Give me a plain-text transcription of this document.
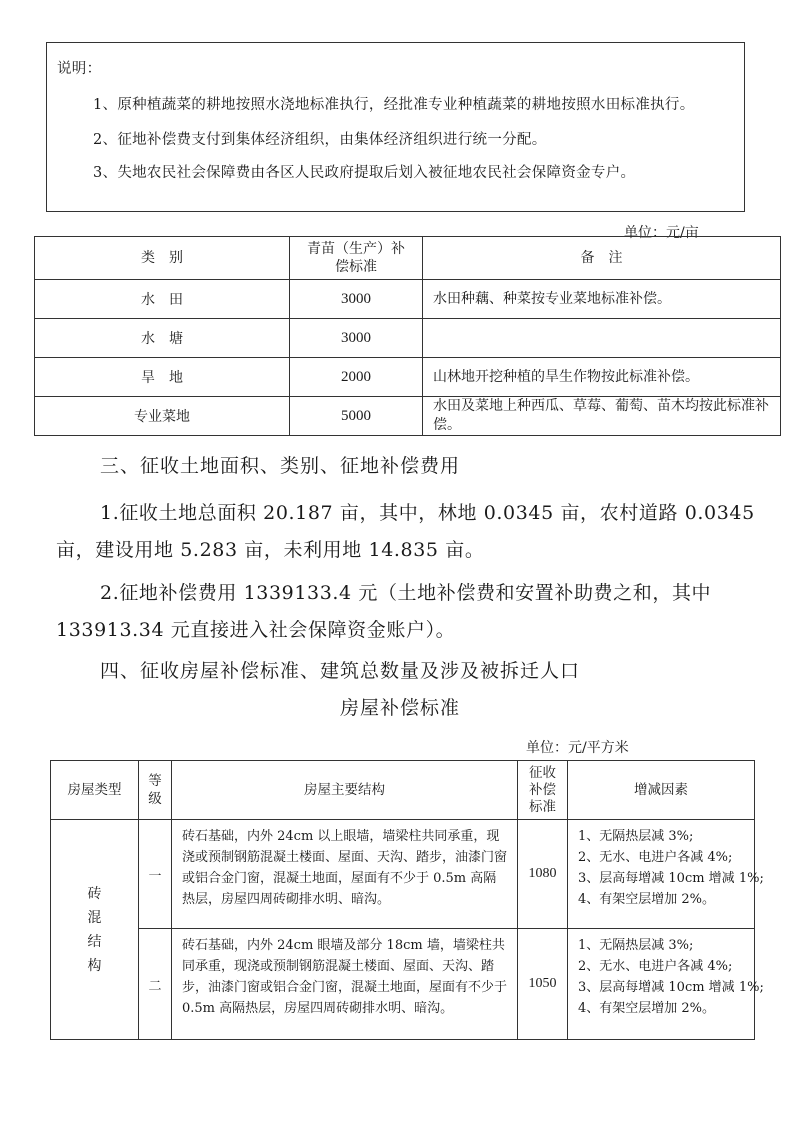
说明：
1、原种植蔬菜的耕地按照水浇地标准执行，经批准专业种植蔬菜的耕地按照水田标准执行。
2、征地补偿费支付到集体经济组织，由集体经济组织进行统一分配。
3、失地农民社会保障费由各区人民政府提取后划入被征地农民社会保障资金专户。
单位：元/亩
类　别	青苗（生产）补偿标准	备　注
水　田	3000	水田种藕、种菜按专业菜地标准补偿。
水　塘	3000	
旱　地	2000	山林地开挖种植的旱生作物按此标准补偿。
专业菜地	5000	水田及菜地上种西瓜、草莓、葡萄、苗木均按此标准补偿。
三、征收土地面积、类别、征地补偿费用
1.征收土地总面积 20.187 亩，其中，林地 0.0345 亩，农村道路 0.0345
亩，建设用地 5.283 亩，未利用地 14.835 亩。
2.征地补偿费用 1339133.4 元（土地补偿费和安置补助费之和，其中
133913.34 元直接进入社会保障资金账户）。
四、征收房屋补偿标准、建筑总数量及涉及被拆迁人口
房屋补偿标准
单位：元/平方米
房屋类型	等级	房屋主要结构	征收补偿标准	增减因素

砖混结构	一	砖石基础，内外 24cm 以上眼墙，墙梁柱共同承重，现浇或预制钢筋混凝土楼面、屋面、天沟、踏步，油漆门窗或铝合金门窗，混凝土地面，屋面有不少于 0.5m 高隔热层，房屋四周砖砌排水明、暗沟。	1080	1、无隔热层减 3%;
2、无水、电进户各减 4%;
3、层高每增减 10cm 增减 1%;
4、有架空层增加 2%。

	二	砖石基础，内外 24cm 眼墙及部分 18cm 墙，墙梁柱共同承重，现浇或预制钢筋混凝土楼面、屋面、天沟、踏步，油漆门窗或铝合金门窗，混凝土地面，屋面有不少于 0.5m 高隔热层，房屋四周砖砌排水明、暗沟。	1050	1、无隔热层减 3%;
2、无水、电进户各减 4%;
3、层高每增减 10cm 增减 1%;
4、有架空层增加 2%。
